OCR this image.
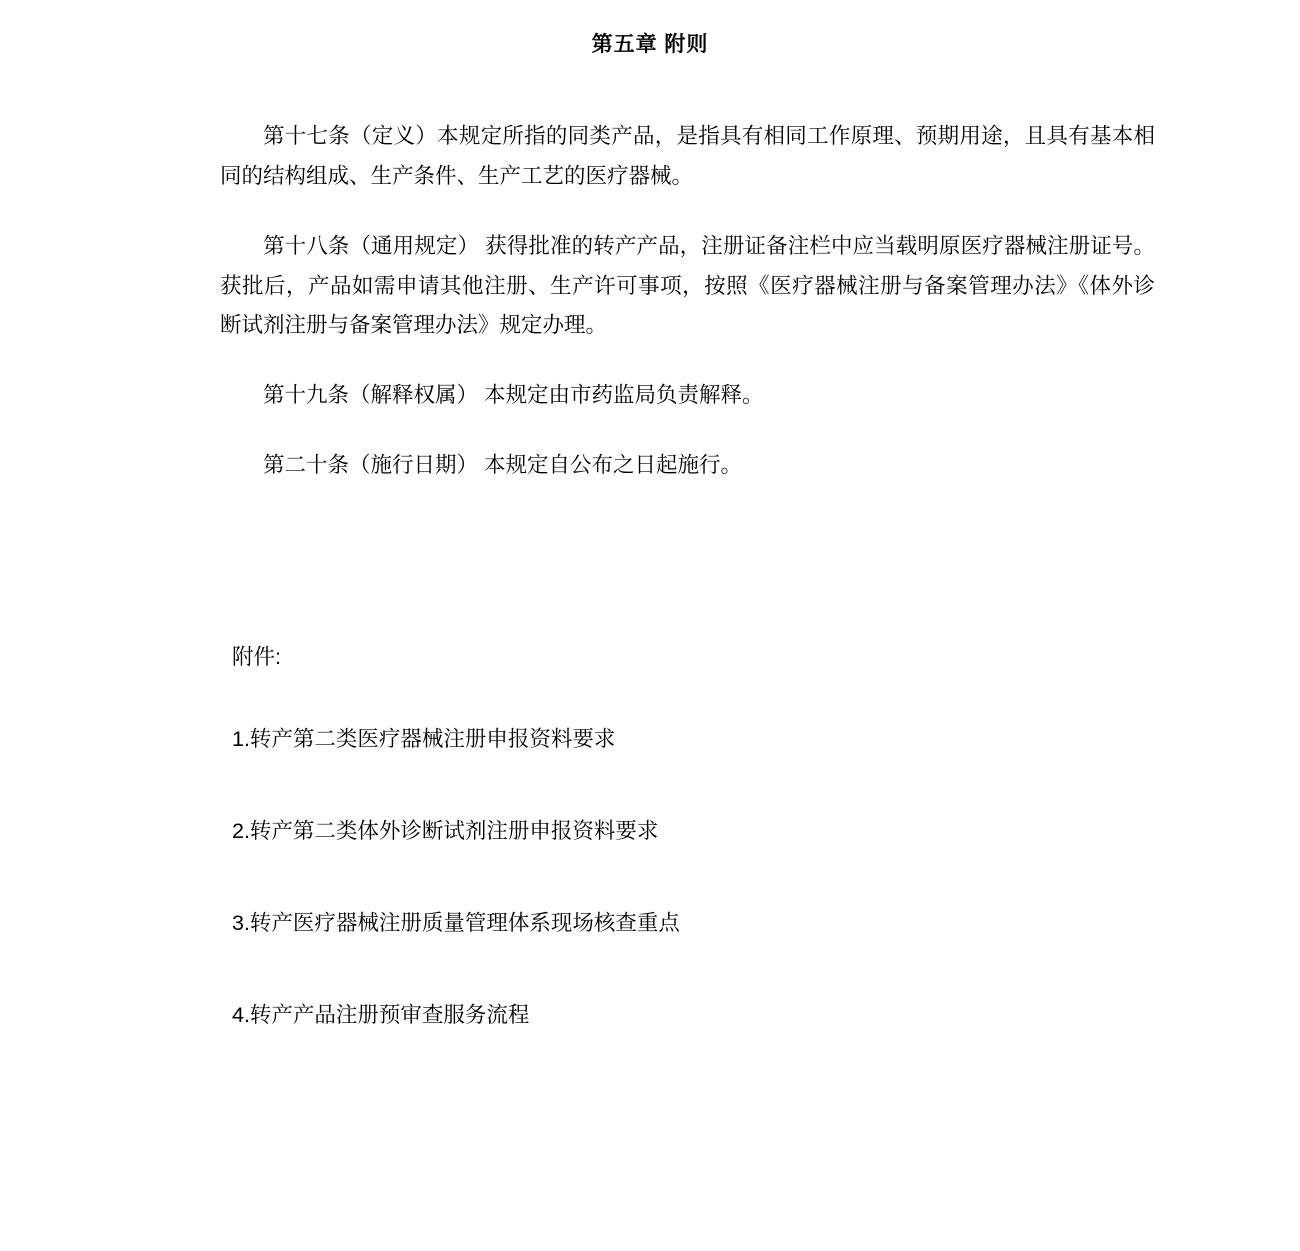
第五章 附则

第十七条（定义）本规定所指的同类产品，是指具有相同工作原理、预期用途，且具有基本相同的结构组成、生产条件、生产工艺的医疗器械。

第十八条（通用规定） 获得批准的转产产品，注册证备注栏中应当载明原医疗器械注册证号。获批后，产品如需申请其他注册、生产许可事项，按照《医疗器械注册与备案管理办法》《体外诊断试剂注册与备案管理办法》规定办理。

第十九条（解释权属） 本规定由市药监局负责解释。

第二十条（施行日期） 本规定自公布之日起施行。

附件:

1.转产第二类医疗器械注册申报资料要求
2.转产第二类体外诊断试剂注册申报资料要求
3.转产医疗器械注册质量管理体系现场核查重点
4.转产产品注册预审查服务流程
